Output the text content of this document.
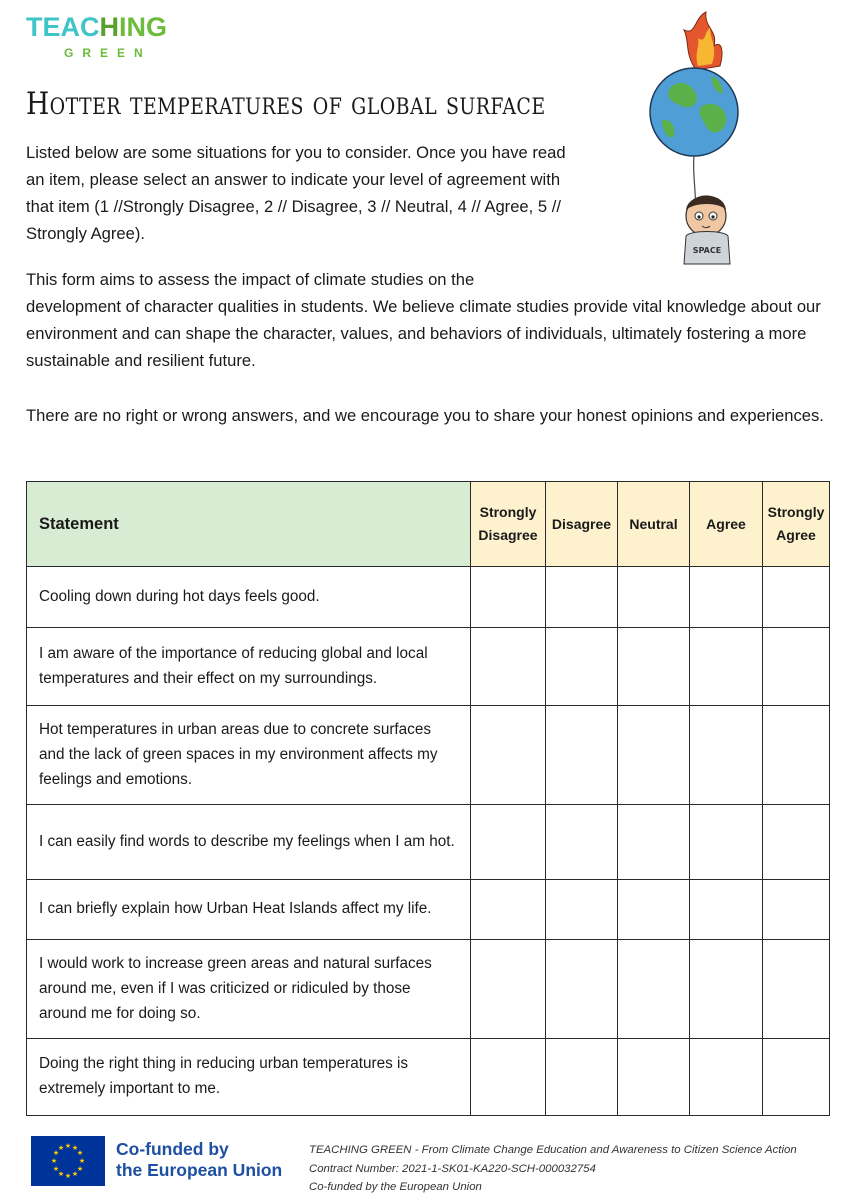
TEACHING
GREEN
Hotter temperatures of global surface
SPACE

Listed below are some situations for you to consider. Once you have read an item, please select an answer to indicate your level of agreement with that item (1 //Strongly Disagree, 2 // Disagree, 3 // Neutral, 4 // Agree, 5 // Strongly Agree).

This form aims to assess the impact of climate studies on the
development of character qualities in students. We believe climate studies provide vital knowledge about our environment and can shape the character, values, and behaviors of individuals, ultimately fostering a more sustainable and resilient future.

There are no right or wrong answers, and we encourage you to share your honest opinions and experiences.

Statement	Strongly Disagree	Disagree	Neutral	Agree	Strongly Agree
Cooling down during hot days feels good.					
I am aware of the importance of reducing global and local temperatures and their effect on my surroundings.					
Hot temperatures in urban areas due to concrete surfaces and the lack of green spaces in my environment affects my feelings and emotions.					
I can easily find words to describe my feelings when I am hot.					
I can briefly explain how Urban Heat Islands affect my life.					
I would work to increase green areas and natural surfaces around me, even if I was criticized or ridiculed by those around me for doing so.					
Doing the right thing in reducing urban temperatures is extremely important to me.					
★ ★
★
★
★
★
★
★
★
★
★
★	Co-funded by
the European Union
TEACHING GREEN - From Climate Change Education and Awareness to Citizen Science Action
Contract Number: 2021-1-SK01-KA220-SCH-000032754
Co-funded by the European Union
